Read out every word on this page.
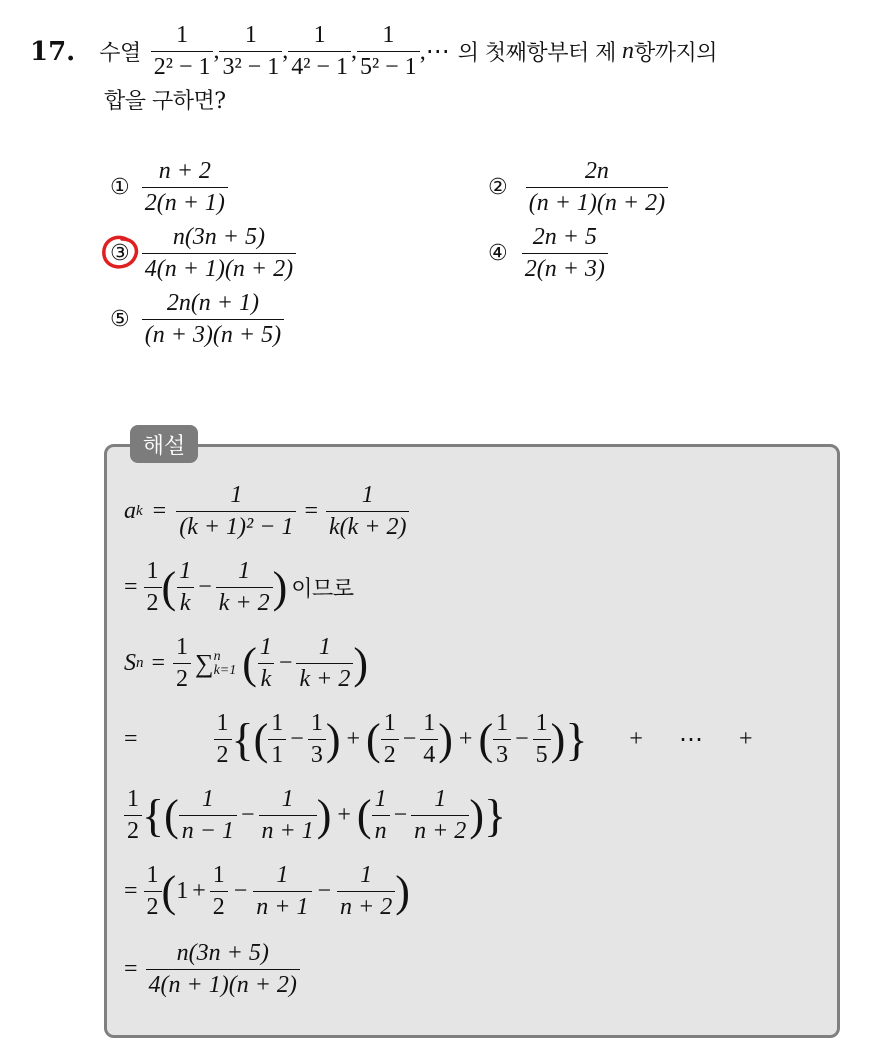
17. 수열 $\frac{1}{\text{2² − 1}}$ , $\frac{1}{\text{3² − 1}}$ , $\frac{1}{\text{4² − 1}}$ , $\frac{1}{\text{5² − 1}}$ ,⋯ 의 첫째항부터 제 n 항까지의
합을 구하면?
① $\frac{n + 2}{2(n + 1)}$	② $\frac{2n}{(n + 1)(n + 2)}$
③ $\frac{n(3n + 5)}{4(n + 1)(n + 2)}$	④ $\frac{2n + 5}{2(n + 3)}$
⑤ $\frac{2n(n + 1)}{(n + 3)(n + 5)}$
해설
a $k = \frac{1}{\text{(k + 1)² − 1}} = \frac{1}{k(k + 2)}$
= $\frac{1}{2}$ ( $\frac{1}{k} - \frac{1}{k + 2}$ ) 이므로
S $n = \frac{1}{2}$ ∑ n
k=1 ( $\frac{1}{k} - \frac{1}{k + 2}$ )
=	$\frac{1}{2}$ { ( $\frac{1}{1} - \frac{1}{3}$ ) + ( $\frac{1}{2} - \frac{1}{4}$ ) + ( $\frac{1}{3} - \frac{1}{5}$ ) } + ⋯ +
$\frac{1}{2}$ { ( $\frac{1}{n - 1} - \frac{1}{n + 1}$ ) + ( $\frac{1}{n} - \frac{1}{n + 2}$ ) }
= $\frac{1}{2}$ ( $1 + \frac{1}{2} - \frac{1}{n + 1} - \frac{1}{n + 2}$ )
= $\frac{n(3n + 5)}{4(n + 1)(n + 2)}$
